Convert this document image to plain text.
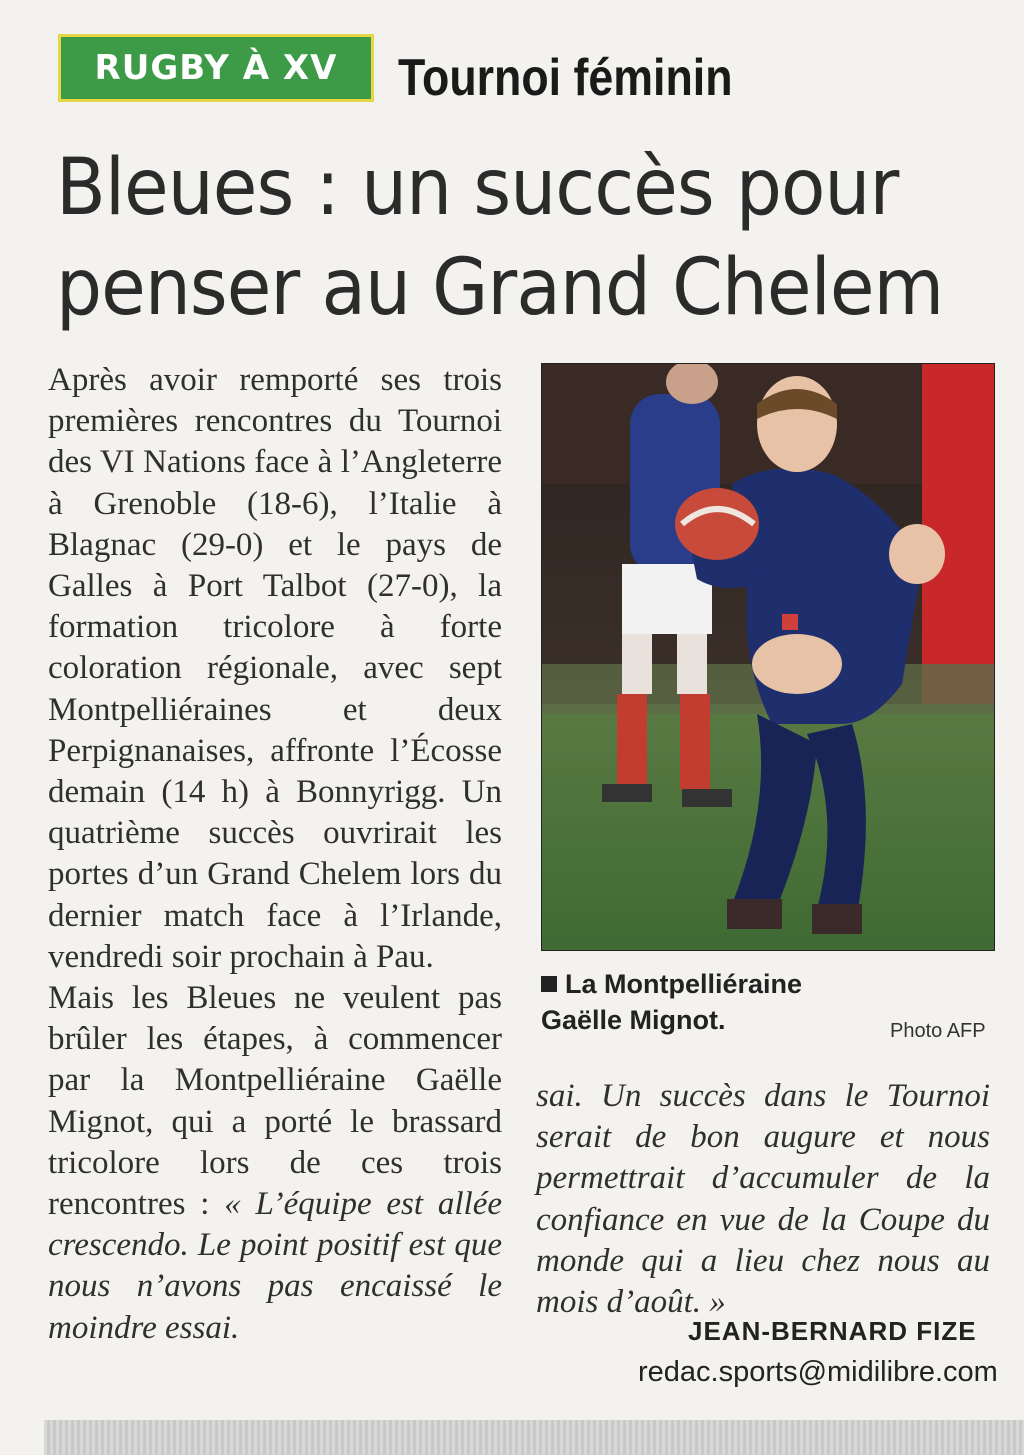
RUGBY À XV	Tournoi féminin
Bleues : un succès pour
penser au Grand Chelem

Après avoir remporté ses trois premières rencontres du Tournoi des VI Nations face à l’Angleterre à Grenoble (18-6), l’Italie à Blagnac (29-0) et le pays de Galles à Port Talbot (27-0), la formation tricolore à forte coloration régionale, avec sept Montpelliéraines et deux Perpignanaises, affronte l’Écosse demain (14 h) à Bonnyrigg. Un quatrième succès ouvrirait les portes d’un Grand Chelem lors du dernier match face à l’Irlande, vendredi soir prochain à Pau.

Mais les Bleues ne veulent pas brûler les étapes, à commencer par la Montpelliéraine Gaëlle Mignot, qui a porté le brassard tricolore lors de ces trois rencontres : « L’équipe est allée crescendo. Le point positif est que nous n’avons pas encaissé le moindre essai.

La Montpelliéraine
Gaëlle Mignot.	Photo AFP

sai. Un succès dans le Tournoi serait de bon augure et nous permettrait d’accumuler de la confiance en vue de la Coupe du monde qui a lieu chez nous au mois d’août. »

JEAN-BERNARD FIZE
redac.sports@midilibre.com
